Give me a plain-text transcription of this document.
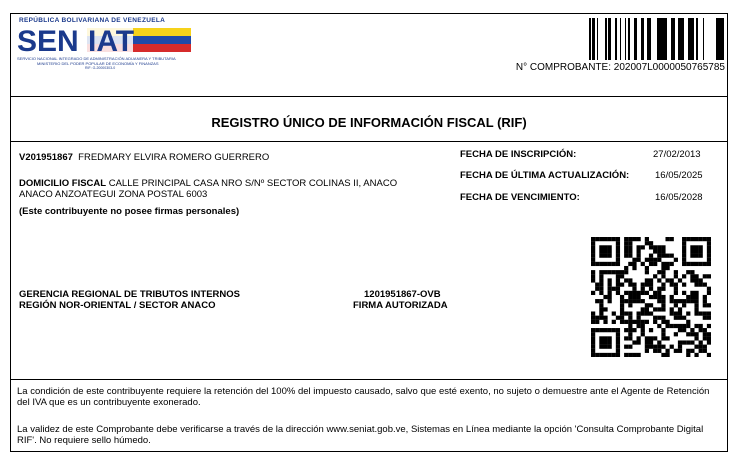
REPÚBLICA BOLIVARIANA DE VENEZUELA
SEN IAT
SERVICIO NACIONAL INTEGRADO DE ADMINISTRACIÓN ADUANERA Y TRIBUTARIA
MINISTERIO DEL PODER POPULAR DE ECONOMÍA Y FINANZAS
RIF: G-20000303-0	N° COMPROBANTE: 202007L0000050765785
REGISTRO ÚNICO DE INFORMACIÓN FISCAL (RIF)
V201951867 FREDMARY ELVIRA ROMERO GUERRERO
DOMICILIO FISCAL CALLE PRINCIPAL CASA NRO S/Nº SECTOR COLINAS II, ANACO
ANACO ANZOATEGUI ZONA POSTAL 6003
(Este contribuyente no posee firmas personales)
FECHA DE INSCRIPCIÓN:	27/02/2013
FECHA DE ÚLTIMA ACTUALIZACIÓN:	16/05/2025
FECHA DE VENCIMIENTO:	16/05/2028
GERENCIA REGIONAL DE TRIBUTOS INTERNOS
REGIÓN NOR-ORIENTAL / SECTOR ANACO
1201951867-OVB
FIRMA AUTORIZADA
La condición de este contribuyente requiere la retención del 100% del impuesto causado, salvo que esté exento, no sujeto o demuestre ante el Agente de Retención del IVA que es un contribuyente exonerado.
La validez de este Comprobante debe verificarse a través de la dirección www.seniat.gob.ve, Sistemas en Línea mediante la opción 'Consulta Comprobante Digital RIF'. No requiere sello húmedo.
